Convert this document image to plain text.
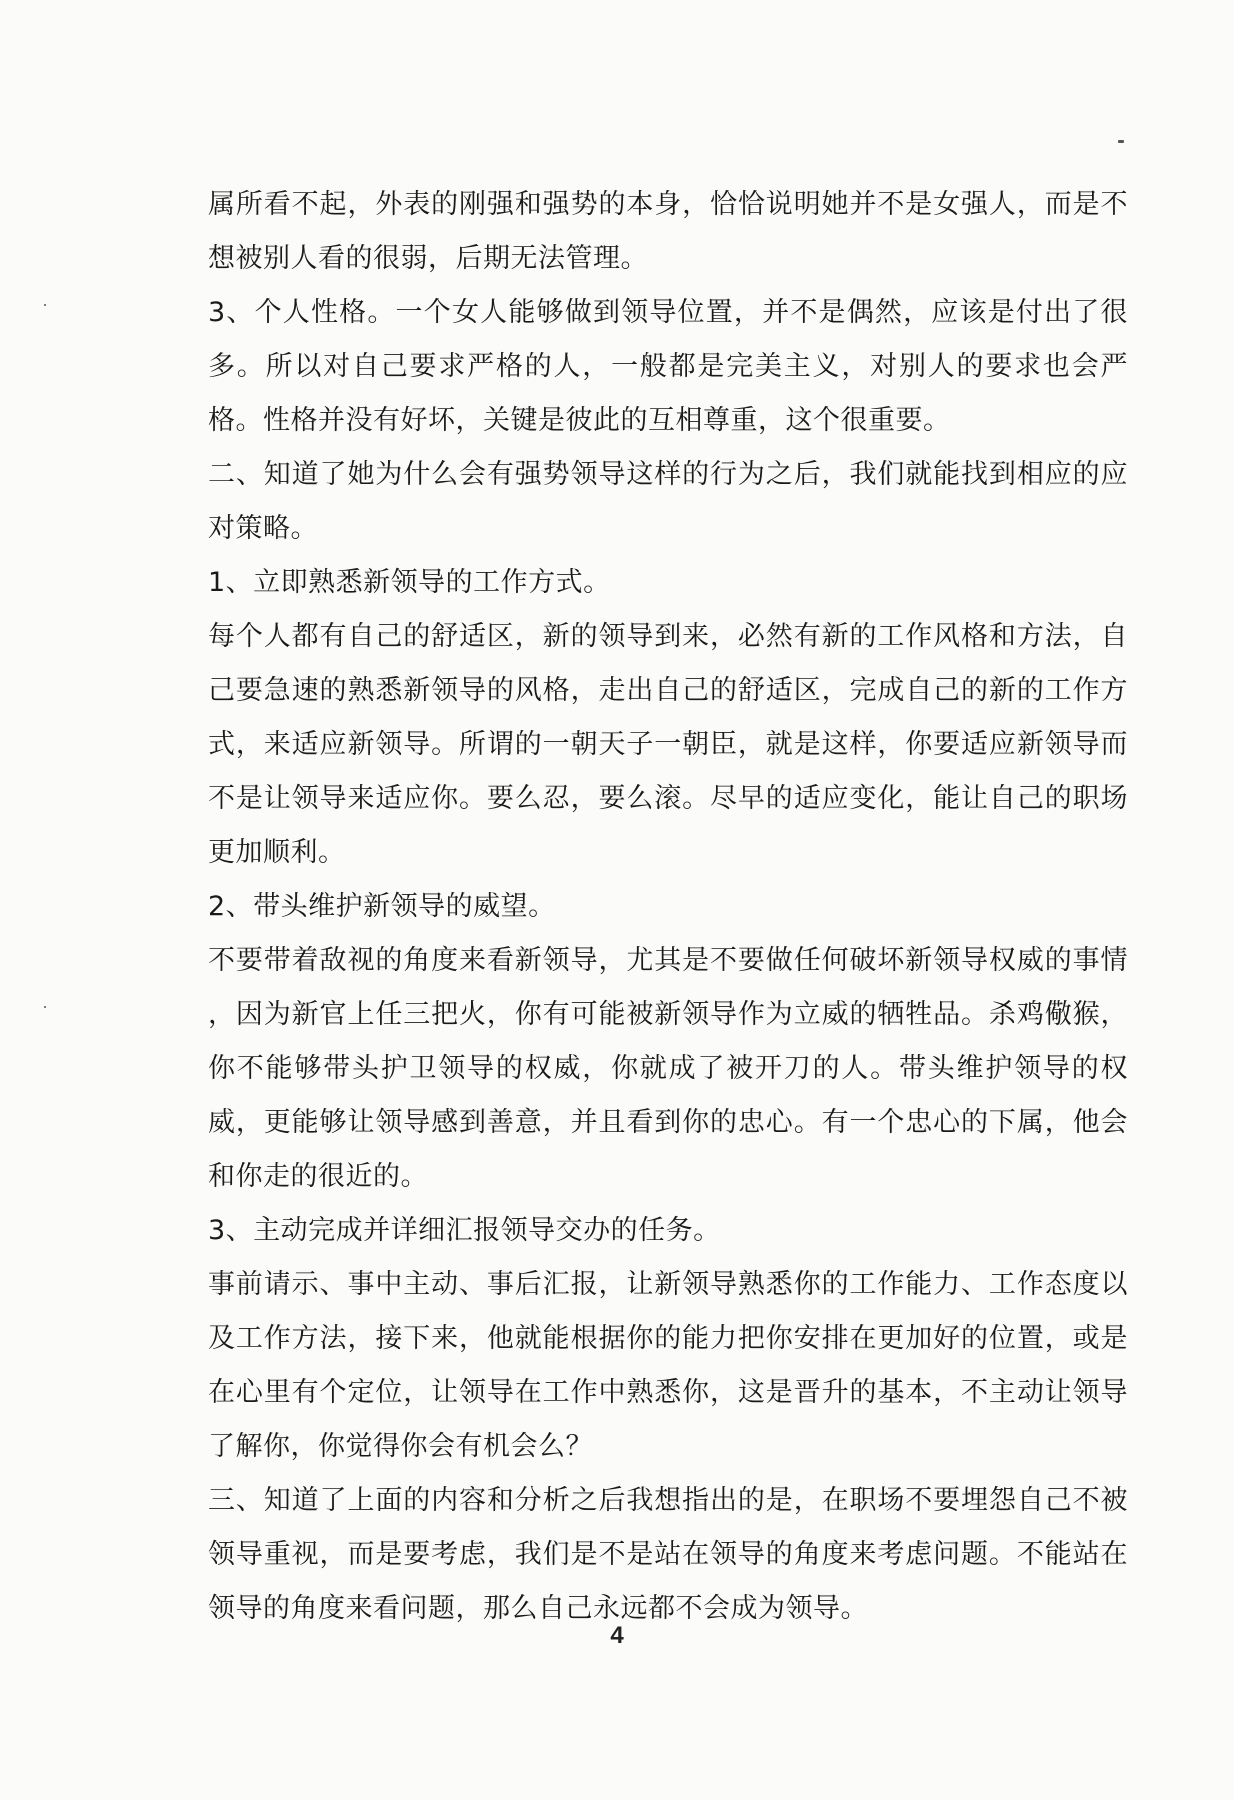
属所看不起，外表的刚强和强势的本身，恰恰说明她并不是女强人，而是不想被别人看的很弱，后期无法管理。

3、个人性格。一个女人能够做到领导位置，并不是偶然，应该是付出了很多。所以对自己要求严格的人，一般都是完美主义，对别人的要求也会严格。性格并没有好坏，关键是彼此的互相尊重，这个很重要。

二、知道了她为什么会有强势领导这样的行为之后，我们就能找到相应的应对策略。

1、立即熟悉新领导的工作方式。

每个人都有自己的舒适区，新的领导到来，必然有新的工作风格和方法，自己要急速的熟悉新领导的风格，走出自己的舒适区，完成自己的新的工作方式，来适应新领导。所谓的一朝天子一朝臣，就是这样，你要适应新领导而不是让领导来适应你。要么忍，要么滚。尽早的适应变化，能让自己的职场更加顺利。

2、带头维护新领导的威望。

不要带着敌视的角度来看新领导，尤其是不要做任何破坏新领导权威的事情 ，因为新官上任三把火，你有可能被新领导作为立威的牺牲品。杀鸡儆猴，你不能够带头护卫领导的权威，你就成了被开刀的人。带头维护领导的权威，更能够让领导感到善意，并且看到你的忠心。有一个忠心的下属，他会和你走的很近的。

3、主动完成并详细汇报领导交办的任务。

事前请示、事中主动、事后汇报，让新领导熟悉你的工作能力、工作态度以及工作方法，接下来，他就能根据你的能力把你安排在更加好的位置，或是在心里有个定位，让领导在工作中熟悉你，这是晋升的基本，不主动让领导了解你，你觉得你会有机会么？

三、知道了上面的内容和分析之后我想指出的是，在职场不要埋怨自己不被领导重视，而是要考虑，我们是不是站在领导的角度来考虑问题。不能站在领导的角度来看问题，那么自己永远都不会成为领导。

4
